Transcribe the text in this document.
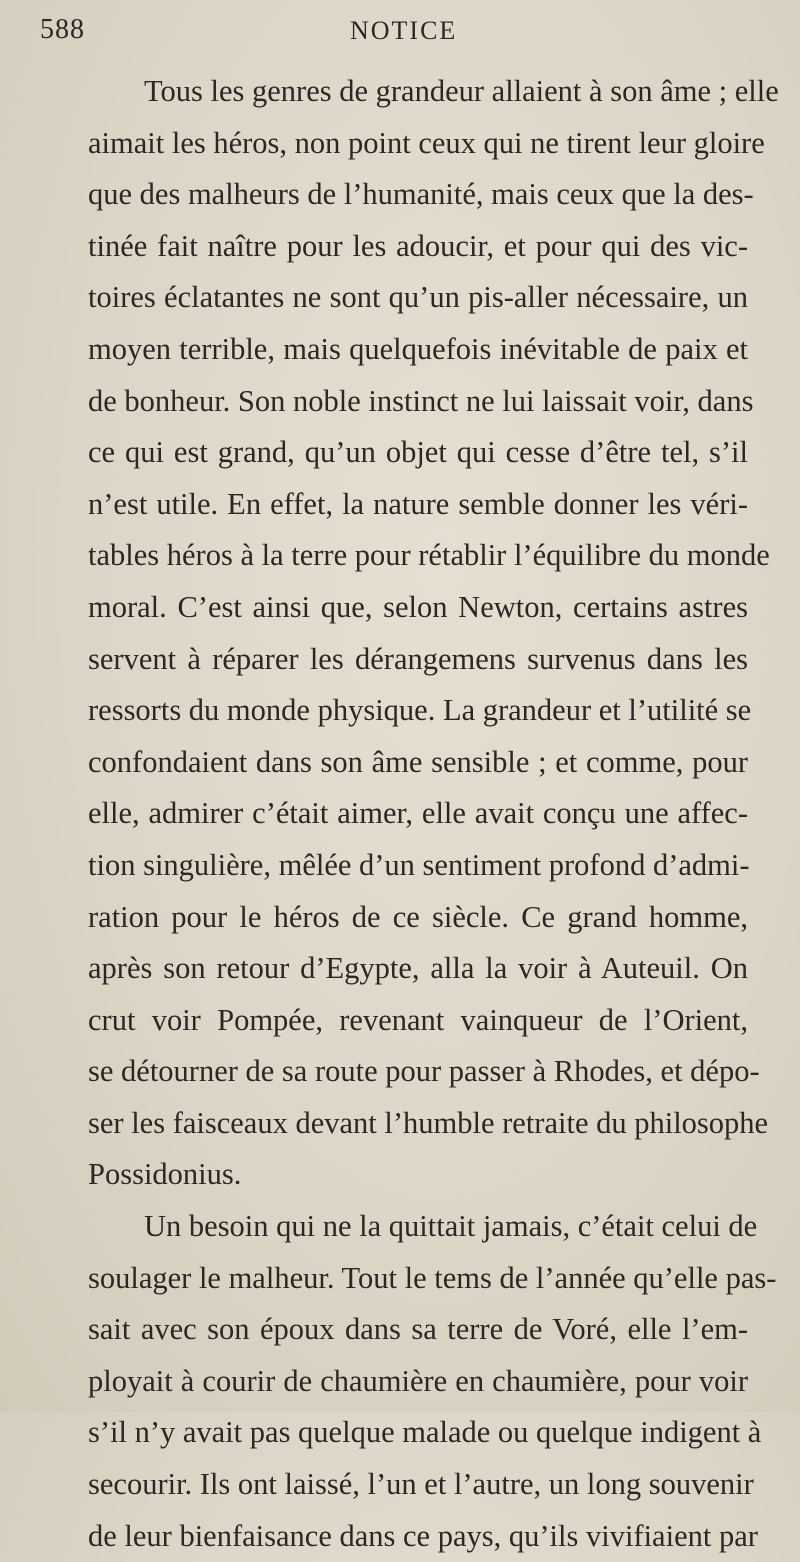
588	NOTICE
Tous les genres de grandeur allaient à son âme ; elle
aimait les héros, non point ceux qui ne tirent leur gloire
que des malheurs de l’humanité, mais ceux que la des-
tinée fait naître pour les adoucir, et pour qui des vic-
toires éclatantes ne sont qu’un pis-aller nécessaire, un
moyen terrible, mais quelquefois inévitable de paix et
de bonheur. Son noble instinct ne lui laissait voir, dans
ce qui est grand, qu’un objet qui cesse d’être tel, s’il
n’est utile. En effet, la nature semble donner les véri-
tables héros à la terre pour rétablir l’équilibre du monde
moral. C’est ainsi que, selon Newton, certains astres
servent à réparer les dérangemens survenus dans les
ressorts du monde physique. La grandeur et l’utilité se
confondaient dans son âme sensible ; et comme, pour
elle, admirer c’était aimer, elle avait conçu une affec-
tion singulière, mêlée d’un sentiment profond d’admi-
ration pour le héros de ce siècle. Ce grand homme,
après son retour d’Egypte, alla la voir à Auteuil. On
crut voir Pompée, revenant vainqueur de l’Orient,
se détourner de sa route pour passer à Rhodes, et dépo-
ser les faisceaux devant l’humble retraite du philosophe
Possidonius.
Un besoin qui ne la quittait jamais, c’était celui de
soulager le malheur. Tout le tems de l’année qu’elle pas-
sait avec son époux dans sa terre de Voré, elle l’em-
ployait à courir de chaumière en chaumière, pour voir
s’il n’y avait pas quelque malade ou quelque indigent à
secourir. Ils ont laissé, l’un et l’autre, un long souvenir
de leur bienfaisance dans ce pays, qu’ils vivifiaient par
